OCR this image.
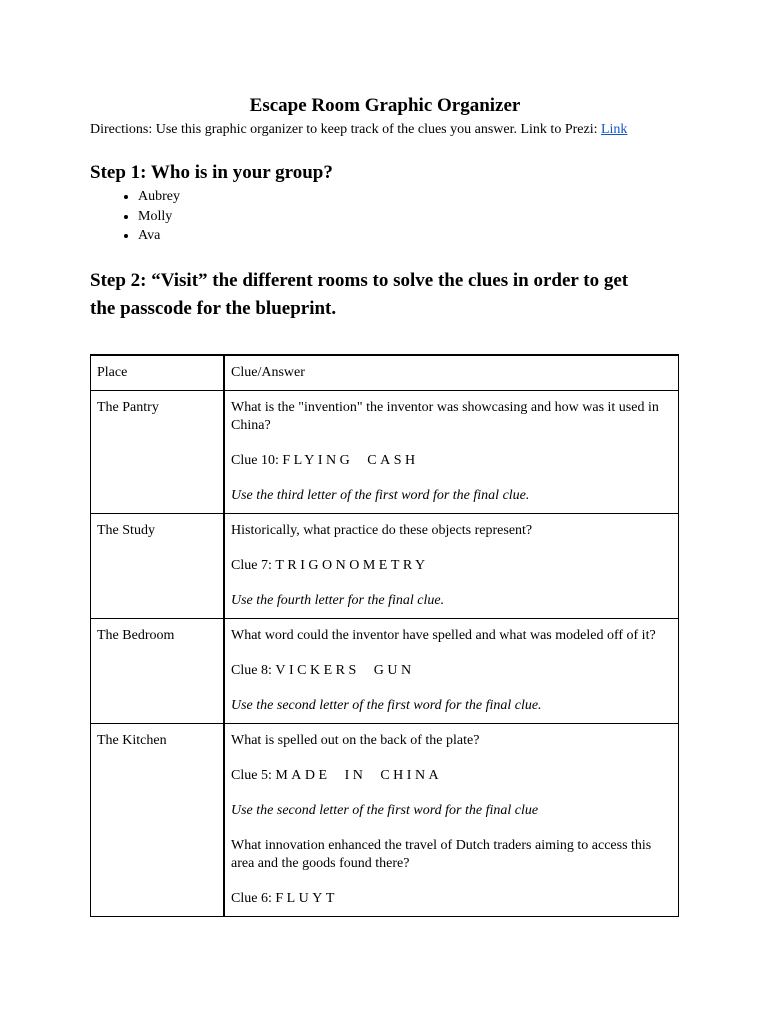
Escape Room Graphic Organizer
Directions: Use this graphic organizer to keep track of the clues you answer. Link to Prezi: Link
Step 1: Who is in your group?
• Aubrey
• Molly
• Ava
Step 2: “Visit” the different rooms to solve the clues in order to get
the passcode for the blueprint.
Place	Clue/Answer
The Pantry	What is the "invention" the inventor was showcasing and how was it used in China?

Clue 10: FLYING  CASH

Use the third letter of the first word for the final clue.

The Study	Historically, what practice do these objects represent?

Clue 7: TRIGONOMETRY

Use the fourth letter for the final clue.

The Bedroom	What word could the inventor have spelled and what was modeled off of it?

Clue 8: VICKERS  GUN

Use the second letter of the first word for the final clue.

The Kitchen	What is spelled out on the back of the plate?

Clue 5: MADE  IN  CHINA

Use the second letter of the first word for the final clue

What innovation enhanced the travel of Dutch traders aiming to access this area and the goods found there?

Clue 6: FLUYT
